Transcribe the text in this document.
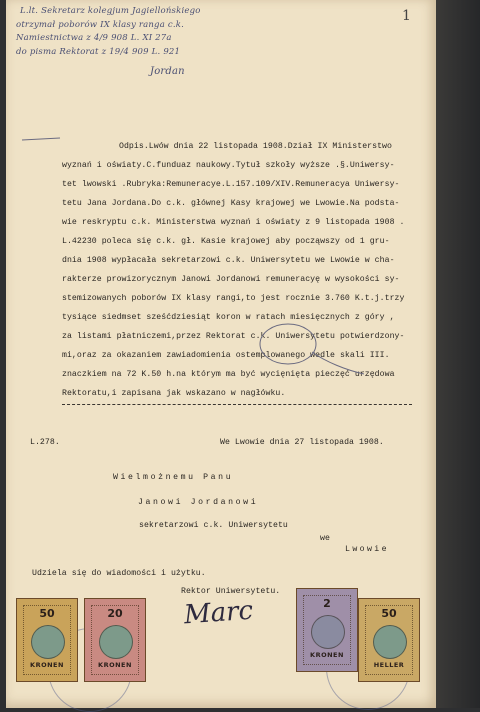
L.lt. Sekretarz kolegjum Jagiellońskiego
otrzymał poborów IX klasy ranga c.k.
Namiestnictwa z 4/9 908 L. XI 27a
do pisma Rektorat z 19/4 909 L. 921
Jordan
1
Odpis.Lwów dnia 22 listopada 1908.Dział IX Ministerstwo
wyznań i oświaty.C.funduaz naukowy.Tytuł szkoły wyższe .§.Uniwersy-
tet lwowski .Rubryka:Remuneracye.L.157.109/XIV.Remuneracya Uniwersy-
tetu Jana Jordana.Do c.k. głównej Kasy krajowej we Lwowie.Na podsta-
wie reskryptu c.k. Ministerstwa wyznań i oświaty z 9 listopada 1908 .
L.42230 poleca się c.k. gł. Kasie krajowej aby począwszy od 1 gru-
dnia 1908 wypłacała sekretarzowi c.k. Uniwersytetu we Lwowie w cha-
rakterze prowizorycznym Janowi Jordanowi remuneracyę w wysokości sy-
stemizowanych poborów IX klasy rangi,to jest rocznie 3.760 K.t.j.trzy
tysiące siedmset sześćdziesiąt koron w ratach miesięcznych z góry ,
za listami płatniczemi,przez Rektorat c.k. Uniwersytetu potwierdzony-
mi,oraz za okazaniem zawiadomienia ostemplowanego wedle skali III.
znaczkiem na 72 K.50 h.na którym ma być wycięnięta pieczęć urzędowa
Rektoratu,i zapisana jak wskazano w nagłówku.
L.278.	We Lwowie dnia 27 listopada 1908.
Wielmożnemu Panu
Janowi Jordanowi
sekretarzowi c.k. Uniwersytetu
we
Lwowie
Udziela się do wiadomości i użytku.
Rektor Uniwersytetu.
Marc
50
KRONEN
20
KRONEN
2
KRONEN
50
HELLER
